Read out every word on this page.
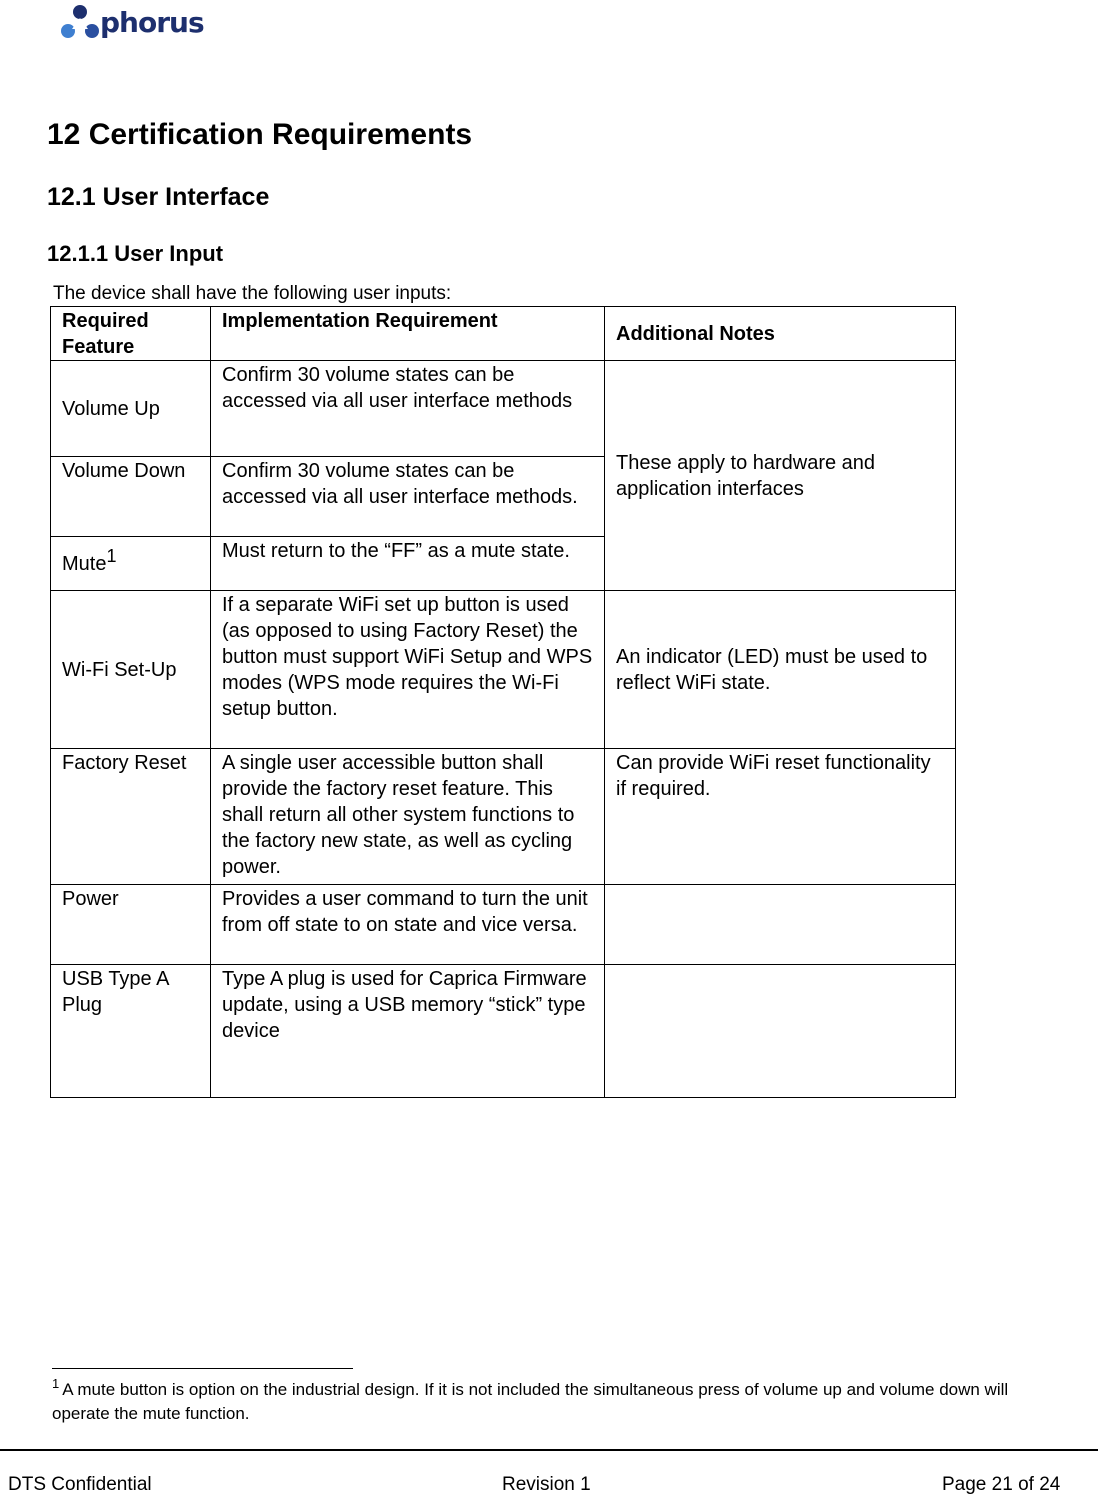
phorus
12 Certification Requirements
12.1 User Interface
12.1.1 User Input

The device shall have the following user inputs:

Required Feature	Implementation Requirement	Additional Notes
Volume Up	Confirm 30 volume states can be accessed via all user interface methods	These apply to hardware and application interfaces
Volume Down	Confirm 30 volume states can be accessed via all user interface methods.	
Mute1	Must return to the “FF” as a mute state.	
Wi-Fi Set-Up	If a separate WiFi set up button is used (as opposed to using Factory Reset) the button must support WiFi Setup and WPS modes (WPS mode requires the Wi-Fi setup button.	An indicator (LED) must be used to reflect WiFi state.
Factory Reset	A single user accessible button shall provide the factory reset feature. This shall return all other system functions to the factory new state, as well as cycling power.	Can provide WiFi reset functionality if required.
Power	Provides a user command to turn the unit from off state to on state and vice versa.	
USB Type A Plug	Type A plug is used for Caprica Firmware update, using a USB memory “stick” type device	

$^1$ A mute button is option on the industrial design. If it is not included the simultaneous press of volume up and volume down will operate the mute function.

DTS Confidential	Revision 1	Page 21 of 24
